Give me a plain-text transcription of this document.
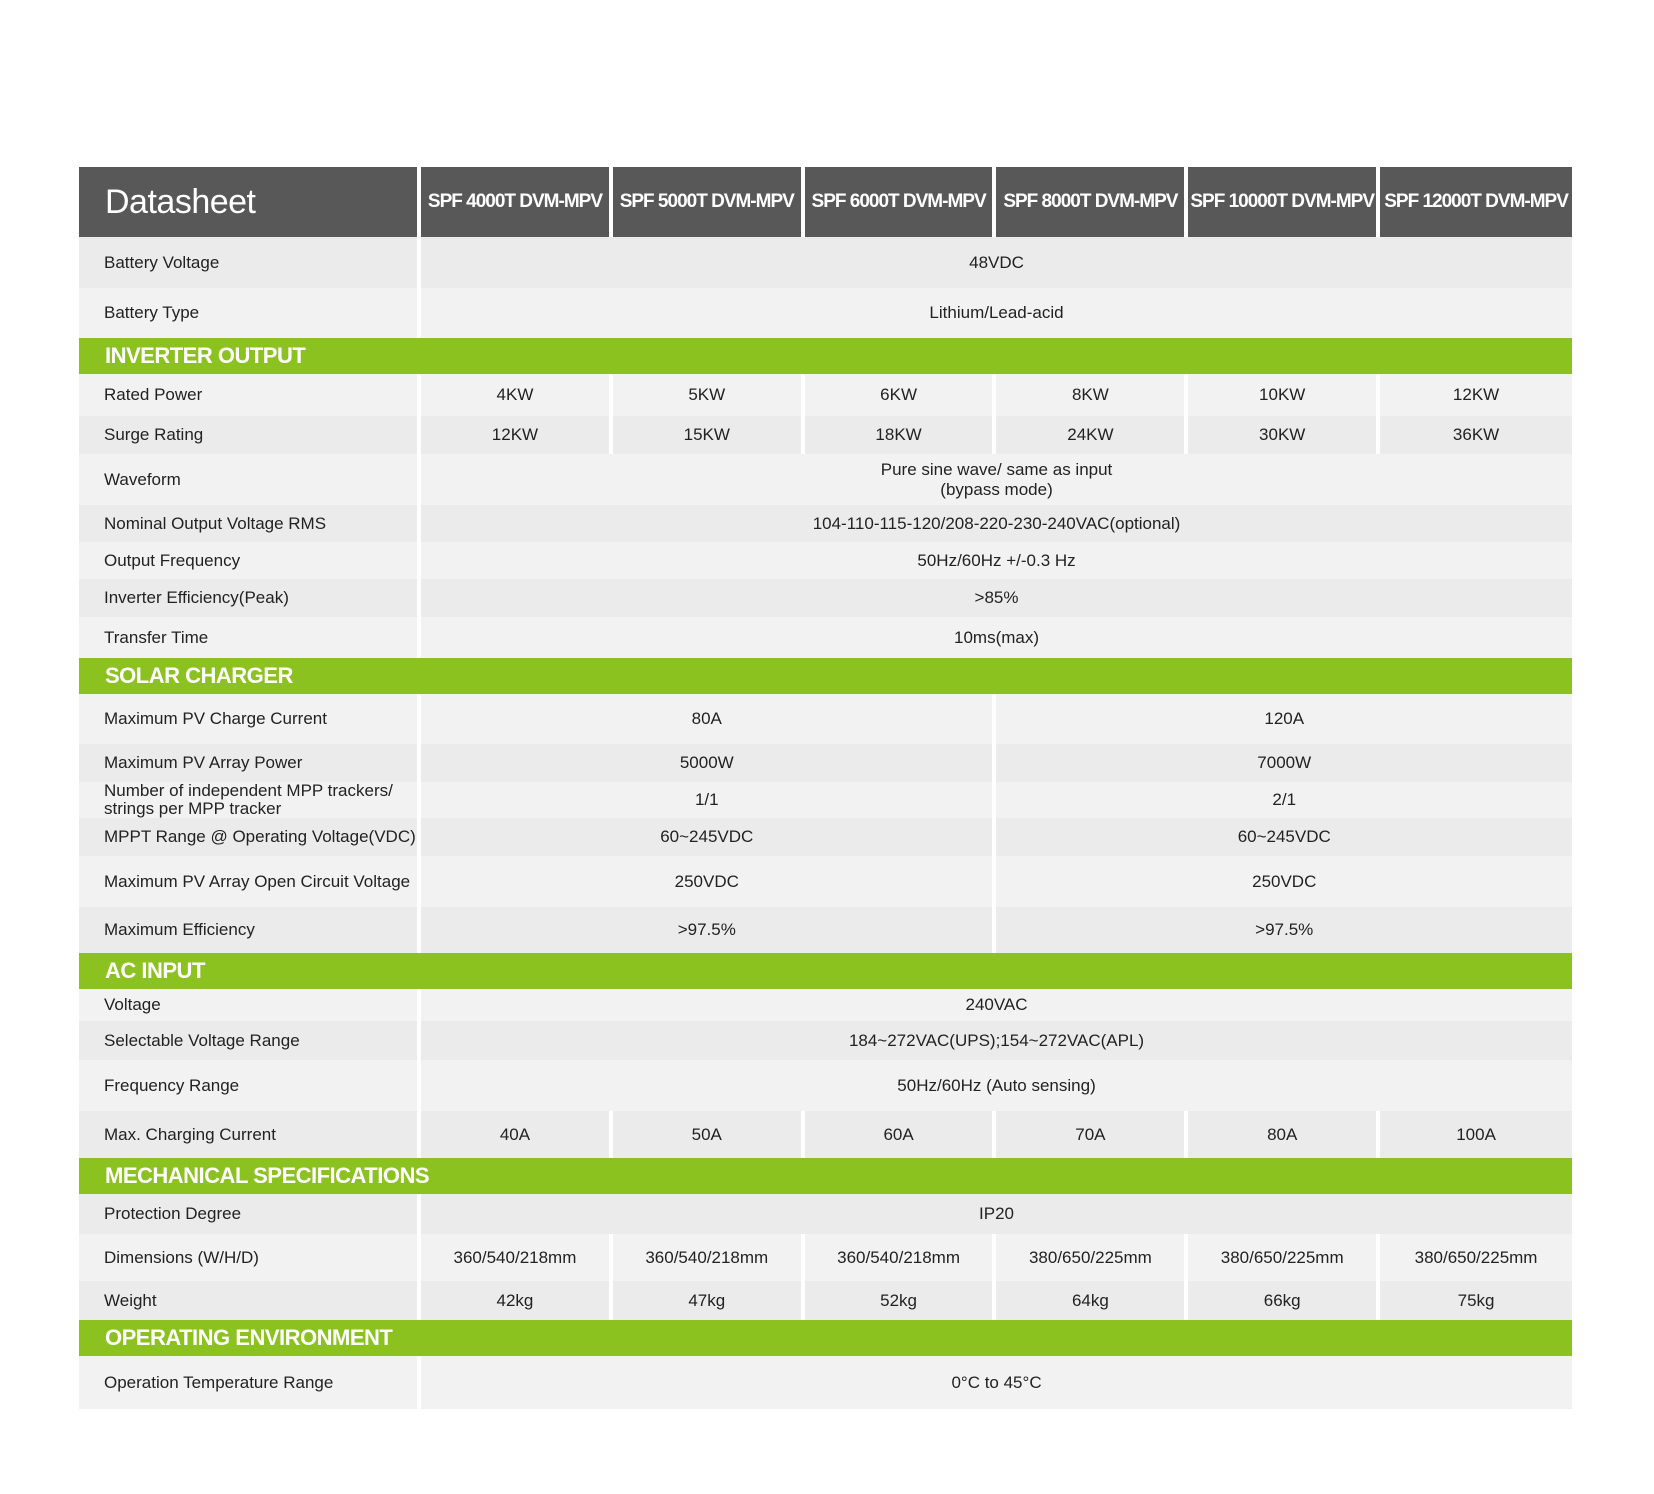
Datasheet	SPF 4000T DVM-MPV	SPF 5000T DVM-MPV	SPF 6000T DVM-MPV	SPF 8000T DVM-MPV	SPF 10000T DVM-MPV	SPF 12000T DVM-MPV
Battery Voltage	48VDC					
Battery Type	Lithium/Lead-acid					
INVERTER OUTPUT						
Rated Power	4KW	5KW	6KW	8KW	10KW	12KW
Surge Rating	12KW	15KW	18KW	24KW	30KW	36KW
Waveform	Pure sine wave/ same as input
(bypass mode)					

Nominal Output Voltage RMS	104-110-115-120/208-220-230-240VAC(optional)					
Output Frequency	50Hz/60Hz +/-0.3 Hz					
Inverter Efficiency(Peak)	>85%					
Transfer Time	10ms(max)					
SOLAR CHARGER						
Maximum PV Charge Current	80A			120A		
Maximum PV Array Power	5000W			7000W		

Number of independent MPP trackers/
strings per MPP tracker	1/1			2/1		
MPPT Range @ Operating Voltage(VDC)	60~245VDC			60~245VDC		
Maximum PV Array Open Circuit Voltage	250VDC			250VDC		
Maximum Efficiency	>97.5%			>97.5%		
AC INPUT						
Voltage	240VAC					
Selectable Voltage Range	184~272VAC(UPS);154~272VAC(APL)					
Frequency Range	50Hz/60Hz (Auto sensing)					
Max. Charging Current	40A	50A	60A	70A	80A	100A
MECHANICAL SPECIFICATIONS						
Protection Degree	IP20					
Dimensions (W/H/D)	360/540/218mm	360/540/218mm	360/540/218mm	380/650/225mm	380/650/225mm	380/650/225mm
Weight	42kg	47kg	52kg	64kg	66kg	75kg
OPERATING ENVIRONMENT						
Operation Temperature Range	0°C to 45°C					
